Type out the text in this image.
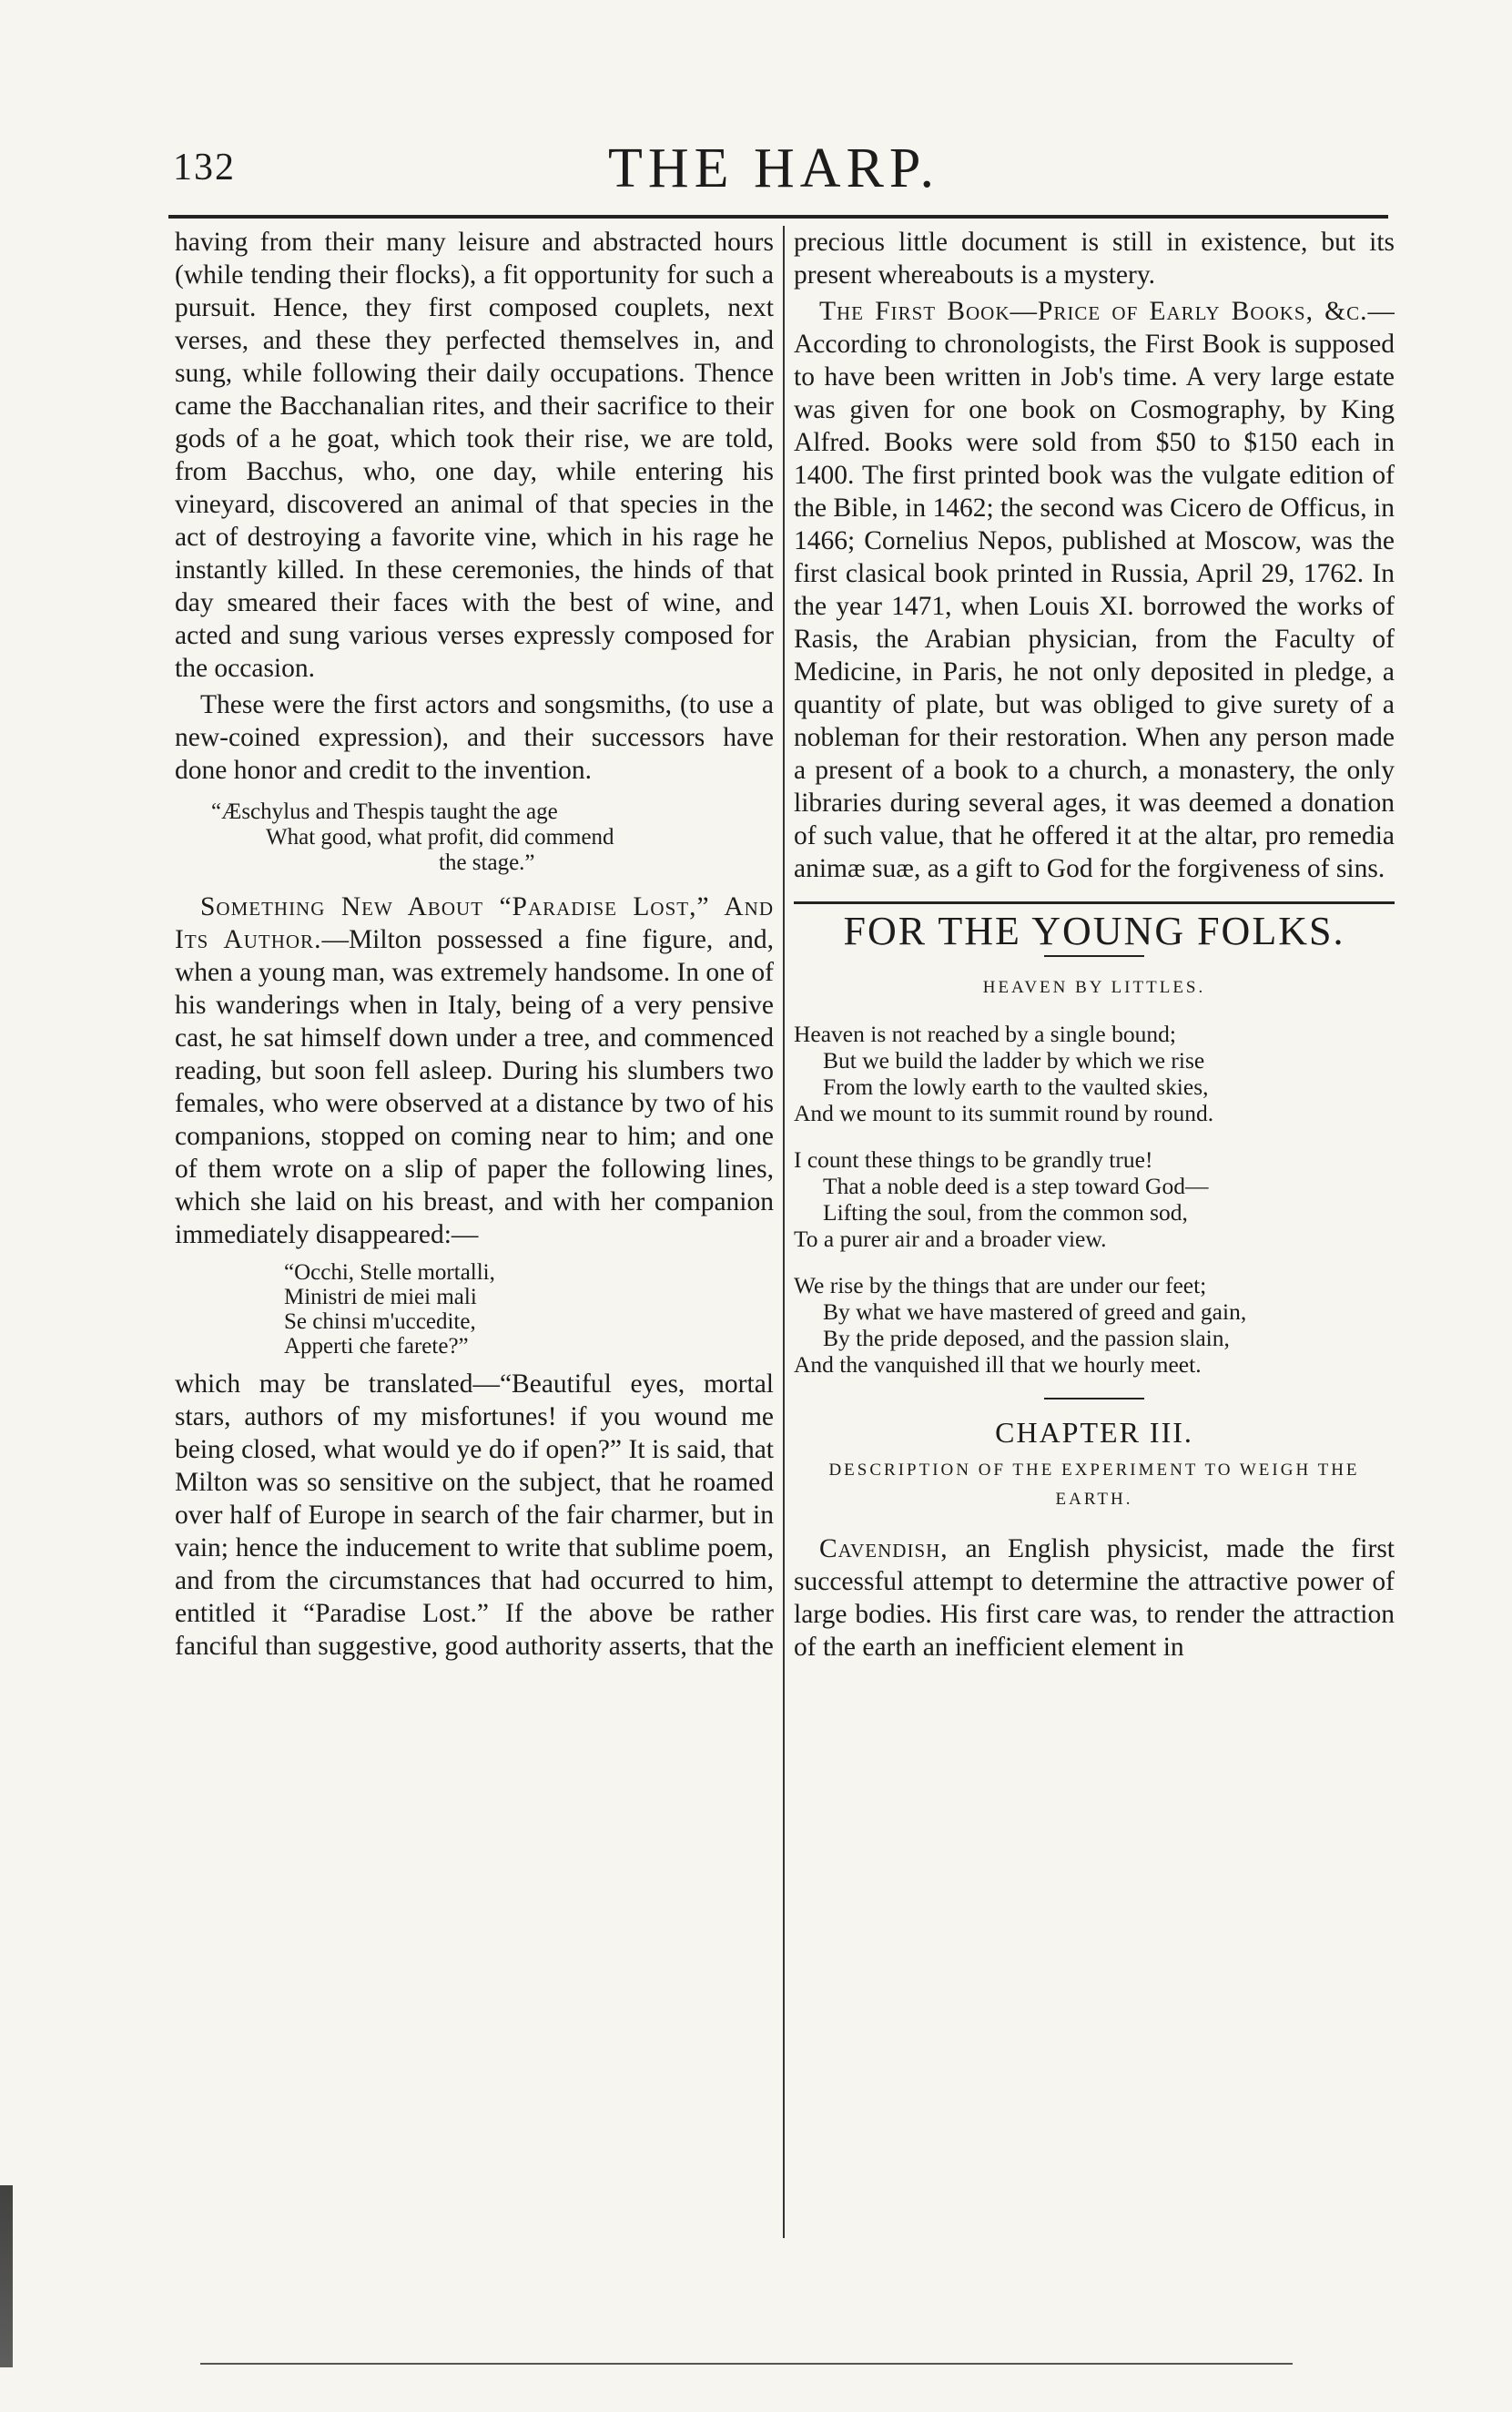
132	THE HARP.

having from their many leisure and abstracted hours (while tending their flocks), a fit opportunity for such a pursuit. Hence, they first composed couplets, next verses, and these they perfected themselves in, and sung, while following their daily occupations. Thence came the Bacchanalian rites, and their sacrifice to their gods of a he goat, which took their rise, we are told, from Bacchus, who, one day, while entering his vineyard, discovered an animal of that species in the act of destroying a favorite vine, which in his rage he instantly killed. In these ceremonies, the hinds of that day smeared their faces with the best of wine, and acted and sung various verses expressly composed for the occasion.

These were the first actors and songsmiths, (to use a new-coined expression), and their successors have done honor and credit to the invention.

“Æschylus and Thespis taught the age
What good, what profit, did commend
the stage.”

Something New About “Paradise Lost,” And Its Author.—Milton possessed a fine figure, and, when a young man, was extremely handsome. In one of his wanderings when in Italy, being of a very pensive cast, he sat himself down under a tree, and commenced reading, but soon fell asleep. During his slumbers two females, who were observed at a distance by two of his companions, stopped on coming near to him; and one of them wrote on a slip of paper the following lines, which she laid on his breast, and with her companion immediately disappeared:—

“Occhi, Stelle mortalli,
Ministri de miei mali
Se chinsi m'uccedite,
Apperti che farete?”

which may be translated—“Beautiful eyes, mortal stars, authors of my misfortunes! if you wound me being closed, what would ye do if open?” It is said, that Milton was so sensitive on the subject, that he roamed over half of Europe in search of the fair charmer, but in vain; hence the inducement to write that sublime poem, and from the circumstances that had occurred to him, entitled it “Paradise Lost.” If the above be rather fanciful than suggestive, good authority asserts, that the

precious little document is still in existence, but its present whereabouts is a mystery.

The First Book—Price of Early Books, &c.—According to chronologists, the First Book is supposed to have been written in Job's time. A very large estate was given for one book on Cosmography, by King Alfred. Books were sold from $50 to $150 each in 1400. The first printed book was the vulgate edition of the Bible, in 1462; the second was Cicero de Officus, in 1466; Cornelius Nepos, published at Moscow, was the first clasical book printed in Russia, April 29, 1762. In the year 1471, when Louis XI. borrowed the works of Rasis, the Arabian physician, from the Faculty of Medicine, in Paris, he not only deposited in pledge, a quantity of plate, but was obliged to give surety of a nobleman for their restoration. When any person made a present of a book to a church, a monastery, the only libraries during several ages, it was deemed a donation of such value, that he offered it at the altar, pro remedia animæ suæ, as a gift to God for the forgiveness of sins.

FOR THE YOUNG FOLKS.
HEAVEN BY LITTLES.
Heaven is not reached by a single bound;
But we build the ladder by which we rise
From the lowly earth to the vaulted skies,
And we mount to its summit round by round.
I count these things to be grandly true!
That a noble deed is a step toward God—
Lifting the soul, from the common sod,
To a purer air and a broader view.
We rise by the things that are under our feet;
By what we have mastered of greed and gain,
By the pride deposed, and the passion slain,
And the vanquished ill that we hourly meet.
CHAPTER III.
DESCRIPTION OF THE EXPERIMENT TO WEIGH THE EARTH.

Cavendish, an English physicist, made the first successful attempt to determine the attractive power of large bodies. His first care was, to render the attraction of the earth an inefficient element in
